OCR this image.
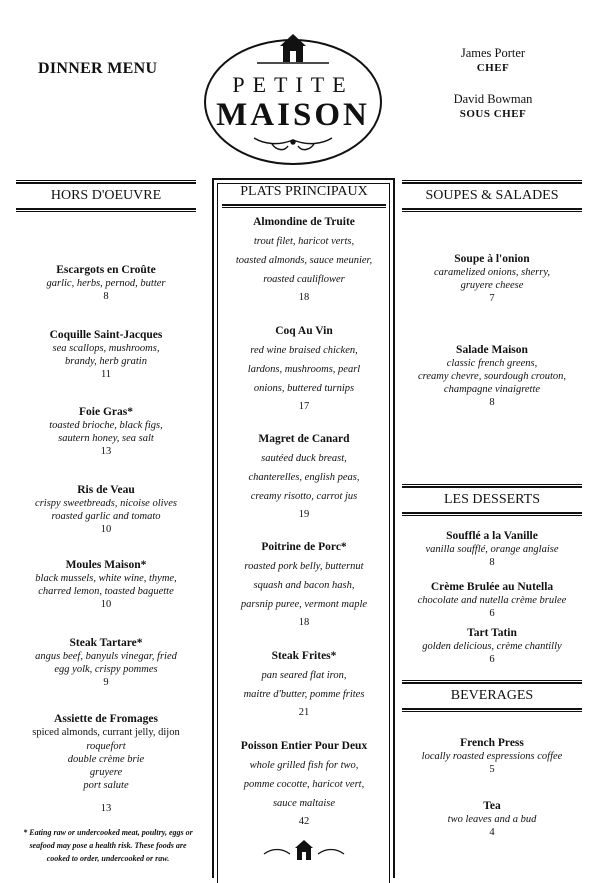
DINNER MENU
PETITE
MAISON
James Porter
CHEF
David Bowman
SOUS CHEF
HORS D'OEUVRE	PLATS PRINCIPAUX	SOUPES & SALADES
LES DESSERTS
BEVERAGES
Escargots en Croûte
garlic, herbs, pernod, butter
8
Coquille Saint-Jacques
sea scallops, mushrooms,
brandy, herb gratin
11
Foie Gras*
toasted brioche, black figs,
sautern honey, sea salt
13
Ris de Veau
crispy sweetbreads, nicoise olives
roasted garlic and tomato
10
Moules Maison*
black mussels, white wine, thyme,
charred lemon, toasted baguette
10
Steak Tartare*
angus beef, banyuls vinegar, fried
egg yolk, crispy pommes
9
Assiette de Fromages
spiced almonds, currant jelly, dijon
roquefort
double crème brie
gruyere
port salute
13
* Eating raw or undercooked meat, poultry, eggs or seafood may pose a health risk. These foods are cooked to order, undercooked or raw.
Almondine de Truite
trout filet, haricot verts,
toasted almonds, sauce meunier,
roasted cauliflower
18
Coq Au Vin
red wine braised chicken,
lardons, mushrooms, pearl
onions, buttered turnips
17
Magret de Canard
sautéed duck breast,
chanterelles, english peas,
creamy risotto, carrot jus
19
Poitrine de Porc*
roasted pork belly, butternut
squash and bacon hash,
parsnip puree, vermont maple
18
Steak Frites*
pan seared flat iron,
maitre d'butter, pomme frites
21
Poisson Entier Pour Deux
whole grilled fish for two,
pomme cocotte, haricot vert,
sauce maltaise
42
Soupe à l'onion
caramelized onions, sherry,
gruyere cheese
7
Salade Maison
classic french greens,
creamy chevre, sourdough crouton,
champagne vinaigrette
8
Soufflé a la Vanille
vanilla soufflé, orange anglaise
8
Crème Brulée au Nutella
chocolate and nutella crème brulee
6
Tart Tatin
golden delicious, crème chantilly
6
French Press
locally roasted espressions coffee
5
Tea
two leaves and a bud
4
